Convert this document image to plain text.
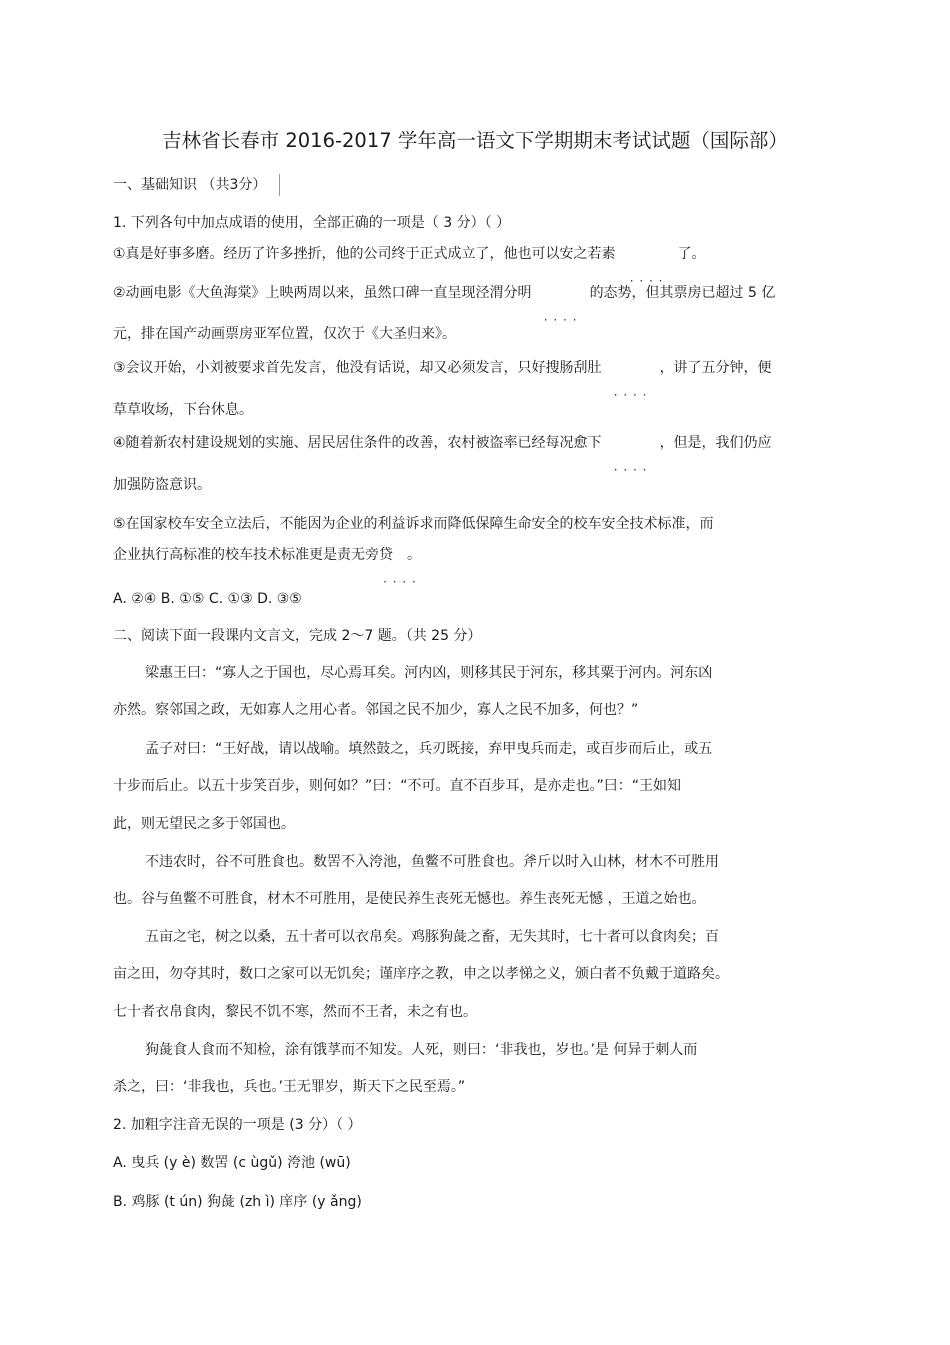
吉林省长春市 2016-2017 学年高一语文下学期期末考试试题（国际部）
一、基础知识 （共3分）
1. 下列各句中加点成语的使用，全部正确的一项是（ 3 分）（ ）
①真是好事多磨。经历了许多挫折，他的公司终于正式成立了，他也可以安之若素	了。
②动画电影《大鱼海棠》上映两周以来，虽然口碑一直呈现泾渭分明	的态势，但其票房已超过 5 亿
元，排在国产动画票房亚军位置，仅次于《大圣归来》。
③会议开始，小刘被要求首先发言，他没有话说，却又必须发言，只好搜肠刮肚	，讲了五分钟，便
草草收场，下台休息。
④随着新农村建设规划的实施、居民居住条件的改善，农村被盗率已经每况愈下	，但是，我们仍应
加强防盗意识。
⑤在国家校车安全立法后，不能因为企业的利益诉求而降低保障生命安全的校车安全技术标准，而
企业执行高标准的校车技术标准更是责无旁贷 。
A. ②④ B. ①⑤ C. ①③ D. ③⑤
二、阅读下面一段课内文言文，完成 2～7 题。（共 25 分）
梁惠王曰：“寡人之于国也，尽心焉耳矣。河内凶，则移其民于河东，移其粟于河内。河东凶
亦然。察邻国之政，无如寡人之用心者。邻国之民不加少，寡人之民不加多，何也？”
孟子对曰：“王好战，请以战喻。填然鼓之，兵刃既接，弃甲曳兵而走，或百步而后止，或五
十步而后止。以五十步笑百步，则何如？”曰：“不可。直不百步耳，是亦走也。”曰：“王如知
此，则无望民之多于邻国也。
不违农时，谷不可胜食也。数罟不入洿池，鱼鳖不可胜食也。斧斤以时入山林，材木不可胜用
也。谷与鱼鳖不可胜食，材木不可胜用，是使民养生丧死无憾也。养生丧死无憾 ，王道之始也。
五亩之宅，树之以桑，五十者可以衣帛矣。鸡豚狗彘之畜，无失其时，七十者可以食肉矣；百
亩之田，勿夺其时，数口之家可以无饥矣；谨庠序之教，申之以孝悌之义，颁白者不负戴于道路矣。
七十者衣帛食肉，黎民不饥不寒，然而不王者，未之有也。
狗彘食人食而不知检，涂有饿莩而不知发。人死，则曰：‘非我也，岁也。’是 何异于刺人而
杀之，曰：‘非我也，兵也。’王无罪岁，斯天下之民至焉。”
2. 加粗字注音无误的一项是 (3 分）（ ）
A. 曳兵 (y è) 数罟 (c ùgǔ) 洿池 (wū)
B. 鸡豚 (t ún) 狗彘 (zh ì) 庠序 (y ǎng)
